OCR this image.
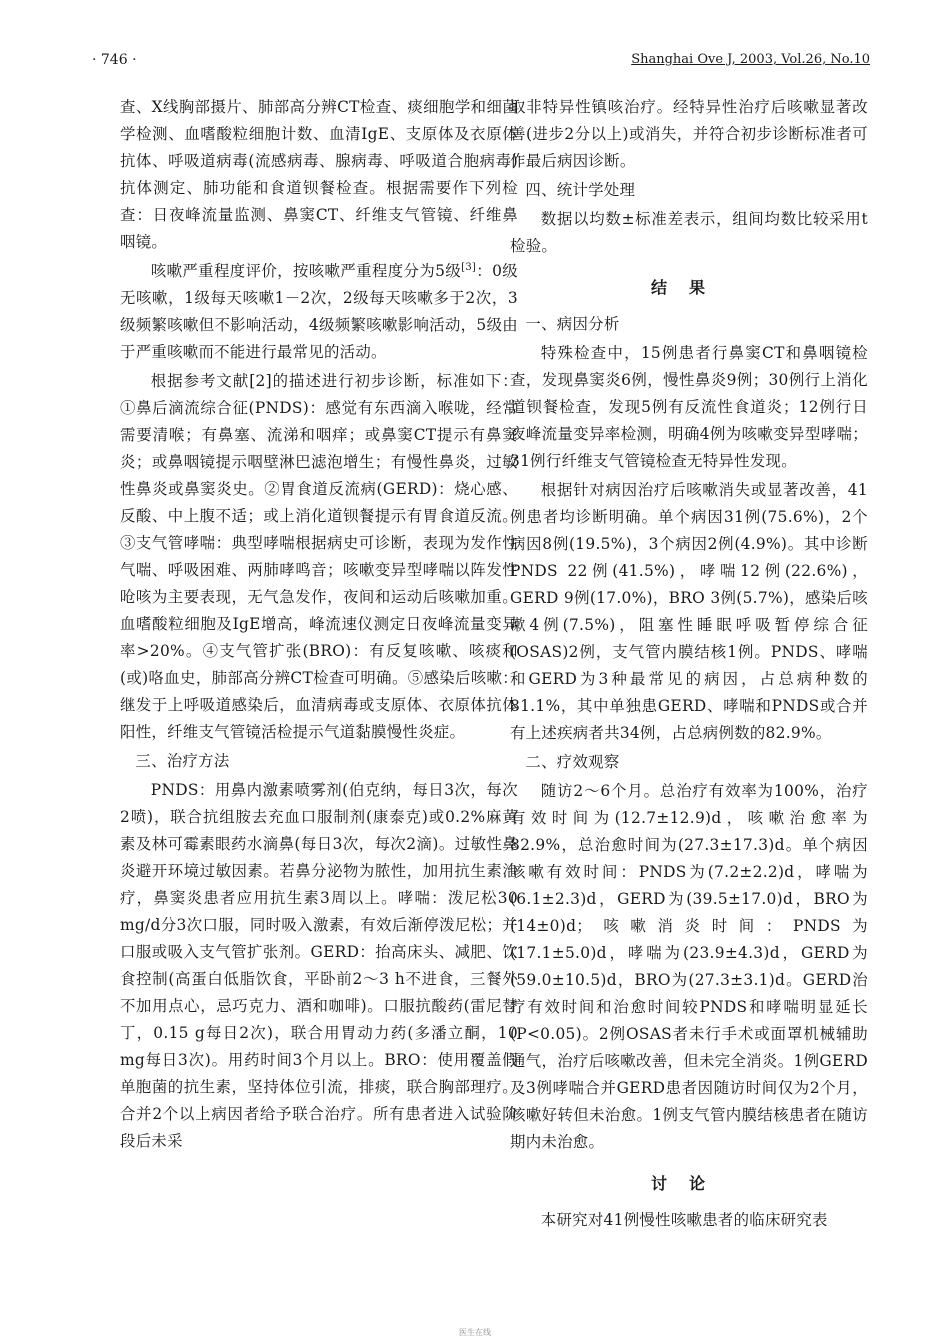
· 746 ·	Shanghai Ove J, 2003, Vol.26, No.10

查、X线胸部摄片、肺部高分辨CT检查、痰细胞学和细菌学检测、血嗜酸粒细胞计数、血清IgE、支原体及衣原体抗体、呼吸道病毒(流感病毒、腺病毒、呼吸道合胞病毒)抗体测定、肺功能和食道钡餐检查。根据需要作下列检查：日夜峰流量监测、鼻窦CT、纤维支气管镜、纤维鼻咽镜。

咳嗽严重程度评价，按咳嗽严重程度分为5级[3]：0级无咳嗽，1级每天咳嗽1－2次，2级每天咳嗽多于2次，3级频繁咳嗽但不影响活动，4级频繁咳嗽影响活动，5级由于严重咳嗽而不能进行最常见的活动。

根据参考文献[2]的描述进行初步诊断，标准如下：①鼻后滴流综合征(PNDS)：感觉有东西滴入喉咙，经常需要清喉；有鼻塞、流涕和咽痒；或鼻窦CT提示有鼻窦炎；或鼻咽镜提示咽壁淋巴滤泡增生；有慢性鼻炎，过敏性鼻炎或鼻窦炎史。②胃食道反流病(GERD)：烧心感、反酸、中上腹不适；或上消化道钡餐提示有胃食道反流。③支气管哮喘：典型哮喘根据病史可诊断，表现为发作性气喘、呼吸困难、两肺哮鸣音；咳嗽变异型哮喘以阵发性呛咳为主要表现，无气急发作，夜间和运动后咳嗽加重。血嗜酸粒细胞及IgE增高，峰流速仪测定日夜峰流量变异率>20%。④支气管扩张(BRO)：有反复咳嗽、咳痰和(或)咯血史，肺部高分辨CT检查可明确。⑤感染后咳嗽：继发于上呼吸道感染后，血清病毒或支原体、衣原体抗体阳性，纤维支气管镜活检提示气道黏膜慢性炎症。

三、治疗方法

PNDS：用鼻内激素喷雾剂(伯克纳，每日3次，每次2喷)，联合抗组胺去充血口服制剂(康泰克)或0.2%麻黄素及林可霉素眼药水滴鼻(每日3次，每次2滴)。过敏性鼻炎避开环境过敏因素。若鼻分泌物为脓性，加用抗生素治疗，鼻窦炎患者应用抗生素3周以上。哮喘：泼尼松30 mg/d分3次口服，同时吸入激素，有效后渐停泼尼松；并口服或吸入支气管扩张剂。GERD：抬高床头、减肥、饮食控制(高蛋白低脂饮食，平卧前2～3 h不进食，三餐外不加用点心，忌巧克力、酒和咖啡)。口服抗酸药(雷尼替丁，0.15 g每日2次)，联合用胃动力药(多潘立酮，10 mg每日3次)。用药时间3个月以上。BRO：使用覆盖假单胞菌的抗生素，坚持体位引流，排痰，联合胸部理疗。合并2个以上病因者给予联合治疗。所有患者进入试验阶段后未采

取非特异性镇咳治疗。经特异性治疗后咳嗽显著改善(进步2分以上)或消失，并符合初步诊断标准者可作最后病因诊断。

四、统计学处理

数据以均数±标准差表示，组间均数比较采用t检验。

结果

一、病因分析

特殊检查中，15例患者行鼻窦CT和鼻咽镜检查，发现鼻窦炎6例，慢性鼻炎9例；30例行上消化道钡餐检查，发现5例有反流性食道炎；12例行日夜峰流量变异率检测，明确4例为咳嗽变异型哮喘；31例行纤维支气管镜检查无特异性发现。

根据针对病因治疗后咳嗽消失或显著改善，41例患者均诊断明确。单个病因31例(75.6%)，2个病因8例(19.5%)，3个病因2例(4.9%)。其中诊断PNDS 22例(41.5%)，哮喘12例(22.6%)，GERD 9例(17.0%)，BRO 3例(5.7%)，感染后咳嗽4例(7.5%)，阻塞性睡眠呼吸暂停综合征(OSAS)2例，支气管内膜结核1例。PNDS、哮喘和GERD为3种最常见的病因，占总病种数的81.1%，其中单独患GERD、哮喘和PNDS或合并有上述疾病者共34例，占总病例数的82.9%。

二、疗效观察

随访2～6个月。总治疗有效率为100%，治疗有效时间为(12.7±12.9)d，咳嗽治愈率为82.9%，总治愈时间为(27.3±17.3)d。单个病因咳嗽有效时间：PNDS为(7.2±2.2)d，哮喘为(6.1±2.3)d，GERD为(39.5±17.0)d，BRO为(14±0)d；咳嗽消炎时间：PNDS为(17.1±5.0)d，哮喘为(23.9±4.3)d，GERD为(59.0±10.5)d，BRO为(27.3±3.1)d。GERD治疗有效时间和治愈时间较PNDS和哮喘明显延长(P<0.05)。2例OSAS者未行手术或面罩机械辅助通气，治疗后咳嗽改善，但未完全消炎。1例GERD及3例哮喘合并GERD患者因随访时间仅为2个月，咳嗽好转但未治愈。1例支气管内膜结核患者在随访期内未治愈。

讨论

本研究对41例慢性咳嗽患者的临床研究表

医生在线
